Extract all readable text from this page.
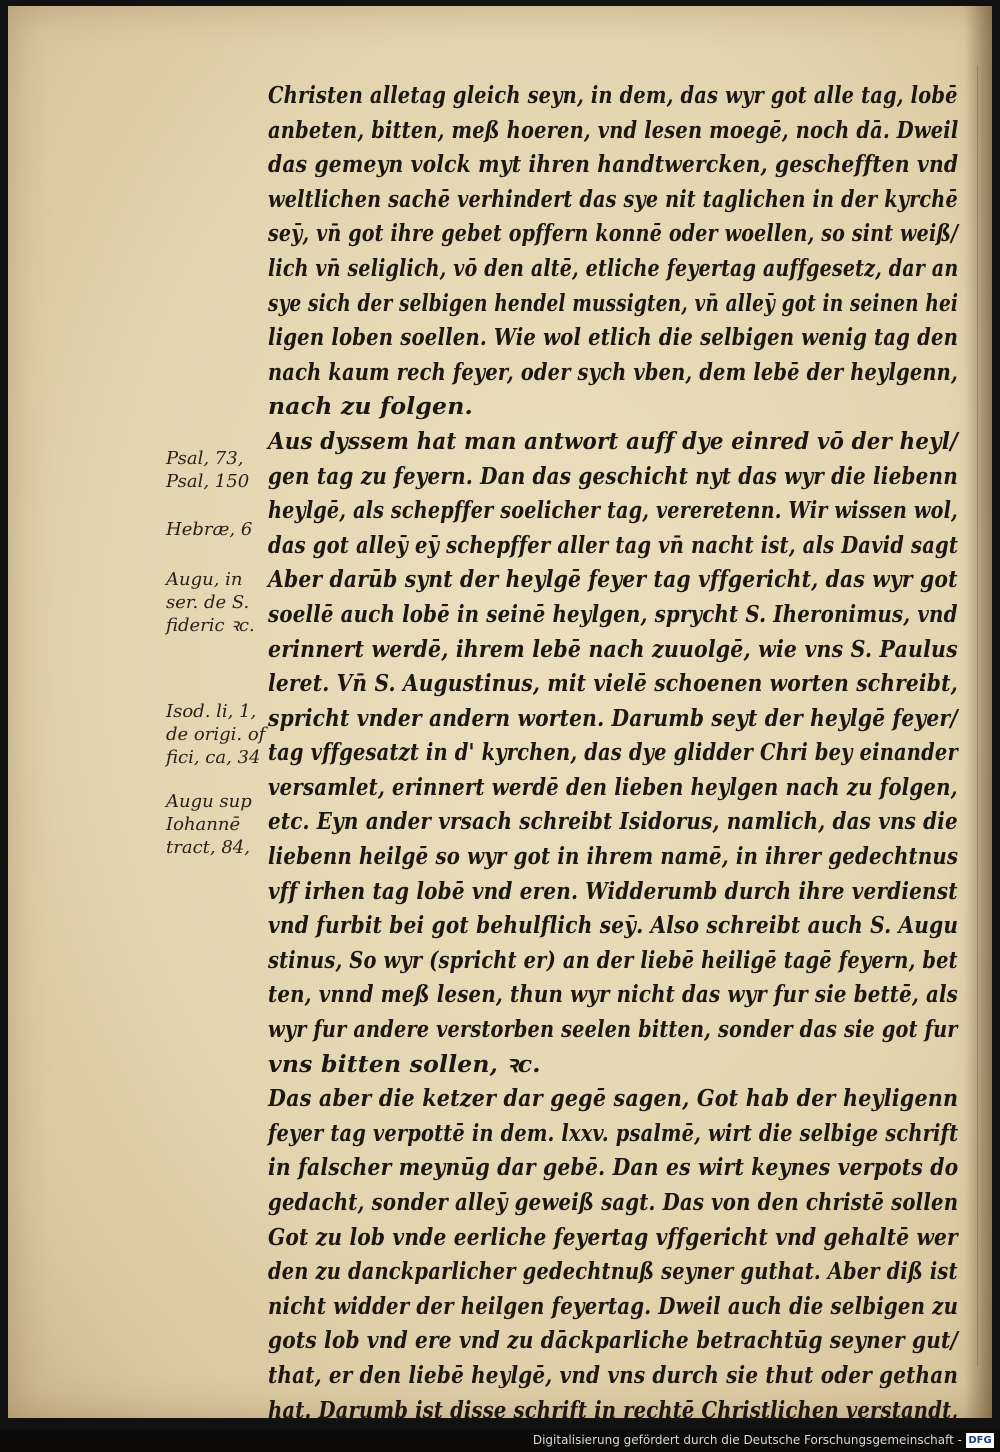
Christen alletag gleich seyn, in dem, das wyr got alle tag, lobē
anbeten, bitten, meß hoeren, vnd lesen moegē, noch dā. Dweil
das gemeyn volck myt ihren handtwercken, geschefften vnd
weltlichen sachē verhindert das sye nit taglichen in der kyrchē
seȳ, vn̄ got ihre gebet opffern konnē oder woellen, so sint weiß/
lich vn̄ seliglich, vō den altē, etliche feyertag auffgesetz, dar an
sye sich der selbigen hendel mussigten, vn̄ alleȳ got in seinen hei
ligen loben soellen. Wie wol etlich die selbigen wenig tag den
nach kaum rech feyer, oder sych vben, dem lebē der heylgenn,
nach zu folgen.
Aus dyssem hat man antwort auff dye einred vō der heyl/
gen tag zu feyern. Dan das geschicht nyt das wyr die liebenn
heylgē, als schepffer soelicher tag, vereretenn. Wir wissen wol,
das got alleȳ eȳ schepffer aller tag vn̄ nacht ist, als David sagt
Aber darūb synt der heylgē feyer tag vffgericht, das wyr got
soellē auch lobē in seinē heylgen, sprycht S. Iheronimus, vnd
erinnert werdē, ihrem lebē nach zuuolgē, wie vns S. Paulus
leret. Vn̄ S. Augustinus, mit vielē schoenen worten schreibt,
spricht vnder andern worten. Darumb seyt der heylgē feyer/
tag vffgesatzt in d' kyrchen, das dye glidder Chri bey einander
versamlet, erinnert werdē den lieben heylgen nach zu folgen,
etc. Eyn ander vrsach schreibt Isidorus, namlich, das vns die
liebenn heilgē so wyr got in ihrem namē, in ihrer gedechtnus
vff irhen tag lobē vnd eren. Widderumb durch ihre verdienst
vnd furbit bei got behulflich seȳ. Also schreibt auch S. Augu
stinus, So wyr (spricht er) an der liebē heiligē tagē feyern, bet
ten, vnnd meß lesen, thun wyr nicht das wyr fur sie bettē, als
wyr fur andere verstorben seelen bitten, sonder das sie got fur
vns bitten sollen, ꝛc.
Das aber die ketzer dar gegē sagen, Got hab der heyligenn
feyer tag verpottē in dem. lxxv. psalmē, wirt die selbige schrift
in falscher meynūg dar gebē. Dan es wirt keynes verpots do
gedacht, sonder alleȳ geweiß sagt. Das von den christē sollen
Got zu lob vnde eerliche feyertag vffgericht vnd gehaltē wer
den zu danckparlicher gedechtnuß seyner guthat. Aber diß ist
nicht widder der heilgen feyertag. Dweil auch die selbigen zu
gots lob vnd ere vnd zu dāckparliche betrachtūg seyner gut/
that, er den liebē heylgē, vnd vns durch sie thut oder gethan
hat. Darumb ist disse schrift in rechtē Christlichen verstandt,
Psal, 73,
Psal, 150
Hebræ, 6
Augu, in
ser. de S.
fideric ꝛc.
Isod. li, 1,
de origi. of
fici, ca, 34
Augu sup
Iohannē
tract, 84,
Digitalisierung gefördert durch die Deutsche Forschungsgemeinschaft - DFG
